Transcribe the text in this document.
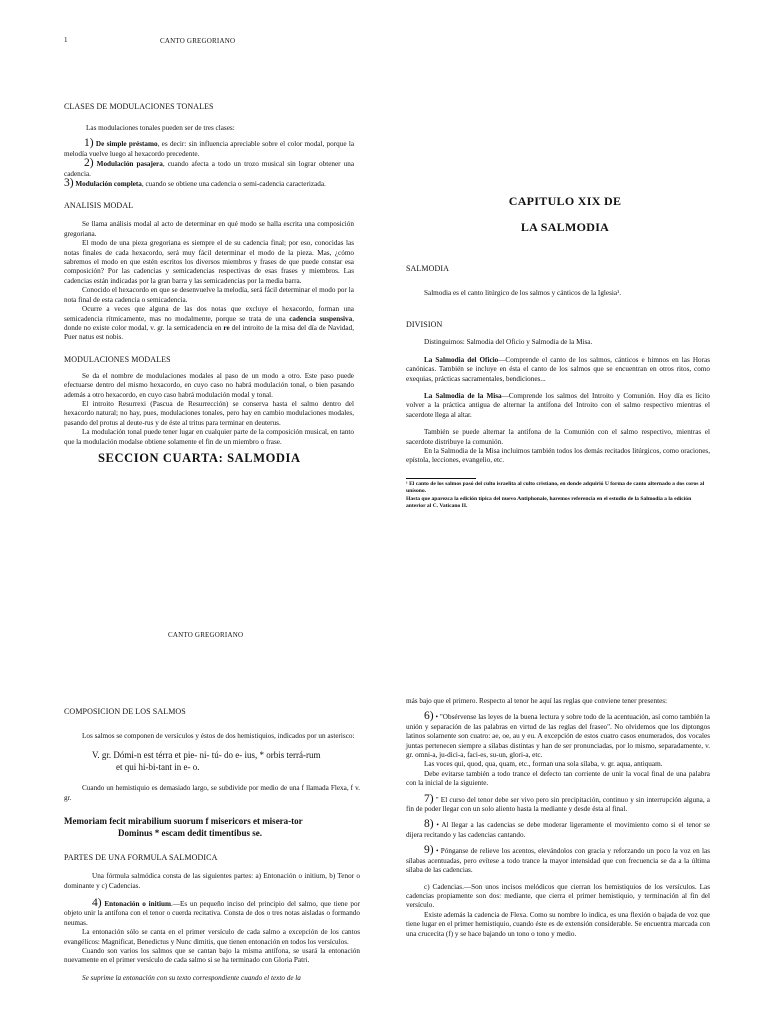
1	CANTO GREGORIANO
CLASES DE MODULACIONES TONALES

Las modulaciones tonales pueden ser de tres clases:

1) De simple préstamo, es decir: sin influencia apreciable sobre el color modal, porque la melodía vuelve luego al hexacordo precedente.

2) Modulación pasajera, cuando afecta a todo un trozo musical sin lograr obtener una cadencia.

3) Modulación completa, cuando se obtiene una cadencia o semi-cadencia caracterizada.

ANALISIS MODAL

Se llama análisis modal al acto de determinar en qué modo se halla escrita una composición gregoriana.

El modo de una pieza gregoriana es siempre el de su cadencia final; por eso, conocidas las notas finales de cada hexacordo, será muy fácil determinar el modo de la pieza. Mas, ¿cómo sabremos el modo en que estén escritos los diversos miembros y frases de que puede constar esa composición? Por las cadencias y semicadencias respectivas de esas frases y miembros. Las cadencias están indicadas por la gran barra y las semicadencias por la media barra.

Conocido el hexacordo en que se desenvuelve la melodía, será fácil determinar el modo por la nota final de esta cadencia o semicadencia.

Ocurre a veces que alguna de las dos notas que excluye el hexacordo, forman una semicadencia rítmicamente, mas no modalmente, porque se trata de una cadencia suspensiva, donde no existe color modal, v. gr. la semicadencia en re del introito de la misa del día de Navidad, Puer natus est nobis.

MODULACIONES MODALES

Se da el nombre de modulaciones modales al paso de un modo a otro. Este paso puede efectuarse dentro del mismo hexacordo, en cuyo caso no habrá modulación tonal, o bien pasando además a otro hexacordo, en cuyo caso habrá modulación modal y tonal.

El introito Resurrexi (Pascua de Resurrección) se conserva hasta el salmo dentro del hexacordo natural; no hay, pues, modulaciones tonales, pero hay en cambio modulaciones modales, pasando del protus al deute-rus y de éste al tritus para terminar en deuterus.

La modulación tonal puede tener lugar en cualquier parte de la composición musical, en tanto que la modulación modalse obtiene solamente el fin de un miembro o frase.

SECCION CUARTA: SALMODIA
CAPITULO XIX DE
LA SALMODIA
SALMODIA

Salmodia es el canto litúrgico de los salmos y cánticos de la Iglesia¹.

DIVISION

Distinguimos: Salmodia del Oficio y Salmodia de la Misa.

La Salmodia del Oficio—Comprende el canto de los salmos, cánticos e himnos en las Horas canónicas. También se incluye en ésta el canto de los salmos que se encuentran en otros ritos, como exequias, prácticas sacramentales, bendiciones...

La Salmodia de la Misa—Comprende los salmos del Introito y Comunión. Hoy día es lícito volver a la práctica antigua de alternar la antífona del Introito con el salmo respectivo mientras el sacerdote llega al altar.

También se puede alternar la antífona de la Comunión con el salmo respectivo, mientras el sacerdote distribuye la comunión.

En la Salmodia de la Misa incluimos también todos los demás recitados litúrgicos, como oraciones, epístola, lecciones, evangelio, etc.

¹ El canto de los salmos pasó del culto israelita al culto cristiano, en donde adquirió U forma de canto alternado a dos coros al unísono.

Hasta que aparezca la edición típica del nuevo Antiphonale, haremos referencia en el estudio de la Salmodia a la edición anterior al C. Vaticano II.

CANTO GREGORIANO
COMPOSICION DE LOS SALMOS

Los salmos se componen de versículos y éstos de dos hemistiquios, indicados por un asterisco:

V. gr. Dómi-n est térra et pie- ni- tú- do e- ius, * orbis terrá-rum
et qui hi-bi-tant in e- o.

Cuando un hemistiquio es demasiado largo, se subdivide por medio de una f llamada Flexa, f v. gr.

Memoriam fecit mirabilium suorum f misericors et misera-tor
Dominus * escam dedit timentibus se.
PARTES DE UNA FORMULA SALMODICA

Una fórmula salmódica consta de las siguientes partes: a) Entonación o initium, b) Tenor o dominante y c) Cadencias.

4) Entonación o initium.—Es un pequeño inciso del principio del salmo, que tiene por objeto unir la antífona con el tenor o cuerda recitativa. Consta de dos o tres notas aisladas o formando neumas.

La entonación sólo se canta en el primer versículo de cada salmo a excepción de los cantos evangélicos: Magnificat, Benedictus y Nunc dimitis, que tienen entonación en todos los versículos.

Cuando son varios los salmos que se cantan bajo la misma antífona, se usará la entonación nuevamente en el primer versículo de cada salmo si se ha terminado con Gloria Patri.

Se suprime la entonación con su texto correspondiente cuando el texto de la

más bajo que el primero. Respecto al tenor he aquí las reglas que conviene tener presentes:

6) • "Obsérvense las leyes de la buena lectura y sobre todo de la acentuación, así como también la unión y separación de las palabras en virtud de las reglas del fraseo". No olvidemos que los diptongos latinos solamente son cuatro: ae, oe, au y eu. A excepción de estos cuatro casos enumerados, dos vocales juntas pertenecen siempre a sílabas distintas y han de ser pronunciadas, por lo mismo, separadamente, v. gr. omni-a, ju-dici-a, faci-es, su-un, glori-a, etc.

Las voces qui, quod, qua, quam, etc., forman una sola sílaba, v. gr. aqua, antiquam.

Debe evitarse también a todo trance el defecto tan corriente de unir la vocal final de una palabra con la inicial de la siguiente.

7) " El curso del tenor debe ser vivo pero sin precipitación, continuo y sin interrupción alguna, a fin de poder llegar con un solo aliento hasta la mediante y desde ésta al final.

8) • Al llegar a las cadencias se debe moderar ligeramente el movimiento como si el tenor se dijera recitando y las cadencias cantando.

9) • Pónganse de relieve los acentos, elevándolos con gracia y reforzando un poco la voz en las sílabas acentuadas, pero evítese a todo trance la mayor intensidad que con frecuencia se da a la última sílaba de las cadencias.

c) Cadencias.—Son unos incisos melódicos que cierran los hemistiquios de los versículos. Las cadencias propiamente son dos: mediante, que cierra el primer hemistiquio, y terminación al fin del versículo.

Existe además la cadencia de Flexa. Como su nombre lo indica, es una flexión o bajada de voz que tiene lugar en el primer hemistiquio, cuando éste es de extensión considerable. Se encuentra marcada con una crucecita (f) y se hace bajando un tono o tono y medio.
